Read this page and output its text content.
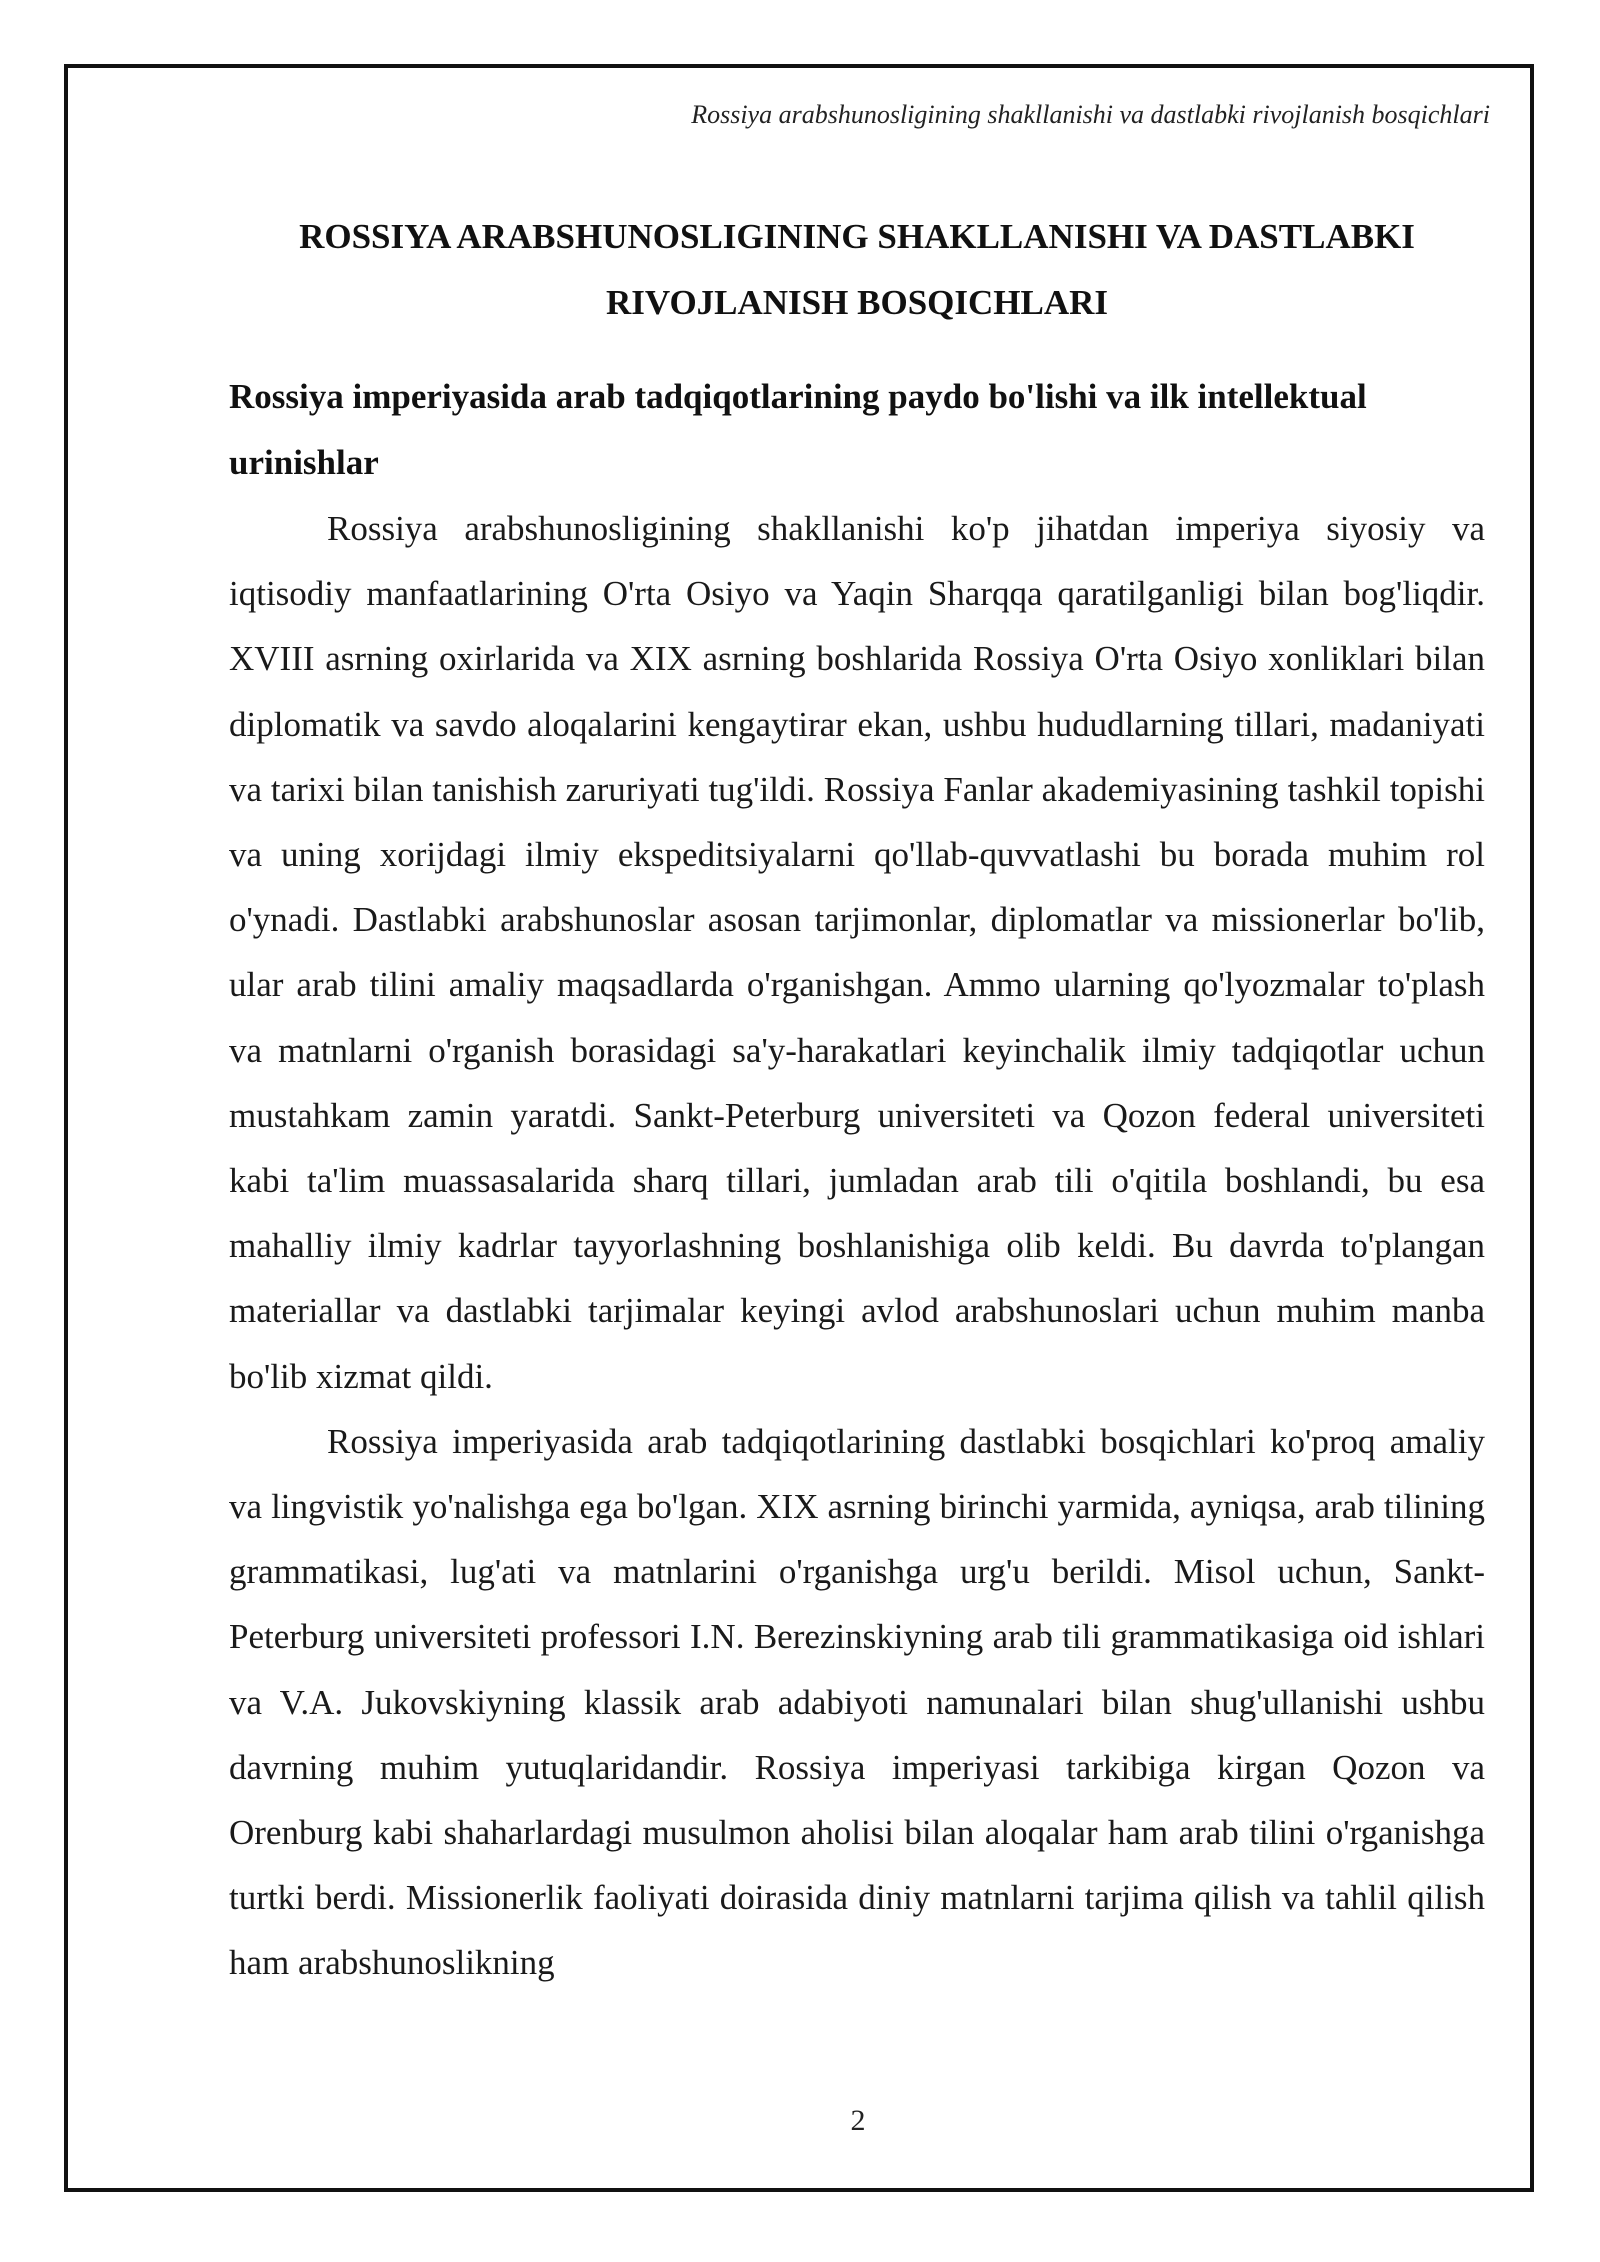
Rossiya arabshunosligining shakllanishi va dastlabki rivojlanish bosqichlari
ROSSIYA ARABSHUNOSLIGINING SHAKLLANISHI VA DASTLABKI RIVOJLANISH BOSQICHLARI
Rossiya imperiyasida arab tadqiqotlarining paydo bo'lishi va ilk intellektual urinishlar

Rossiya arabshunosligining shakllanishi ko'p jihatdan imperiya siyosiy va iqtisodiy manfaatlarining O'rta Osiyo va Yaqin Sharqqa qaratilganligi bilan bog'liqdir. XVIII asrning oxirlarida va XIX asrning boshlarida Rossiya O'rta Osiyo xonliklari bilan diplomatik va savdo aloqalarini kengaytirar ekan, ushbu hududlarning tillari, madaniyati va tarixi bilan tanishish zaruriyati tug'ildi. Rossiya Fanlar akademiyasining tashkil topishi va uning xorijdagi ilmiy ekspeditsiyalarni qo'llab-quvvatlashi bu borada muhim rol o'ynadi. Dastlabki arabshunoslar asosan tarjimonlar, diplomatlar va missionerlar bo'lib, ular arab tilini amaliy maqsadlarda o'rganishgan. Ammo ularning qo'lyozmalar to'plash va matnlarni o'rganish borasidagi sa'y-harakatlari keyinchalik ilmiy tadqiqotlar uchun mustahkam zamin yaratdi. Sankt-Peterburg universiteti va Qozon federal universiteti kabi ta'lim muassasalarida sharq tillari, jumladan arab tili o'qitila boshlandi, bu esa mahalliy ilmiy kadrlar tayyorlashning boshlanishiga olib keldi. Bu davrda to'plangan materiallar va dastlabki tarjimalar keyingi avlod arabshunoslari uchun muhim manba bo'lib xizmat qildi.

Rossiya imperiyasida arab tadqiqotlarining dastlabki bosqichlari ko'proq amaliy va lingvistik yo'nalishga ega bo'lgan. XIX asrning birinchi yarmida, ayniqsa, arab tilining grammatikasi, lug'ati va matnlarini o'rganishga urg'u berildi. Misol uchun, Sankt-Peterburg universiteti professori I.N. Berezinskiyning arab tili grammatikasiga oid ishlari va V.A. Jukovskiyning klassik arab adabiyoti namunalari bilan shug'ullanishi ushbu davrning muhim yutuqlaridandir. Rossiya imperiyasi tarkibiga kirgan Qozon va Orenburg kabi shaharlardagi musulmon aholisi bilan aloqalar ham arab tilini o'rganishga turtki berdi. Missionerlik faoliyati doirasida diniy matnlarni tarjima qilish va tahlil qilish ham arabshunoslikning

2
